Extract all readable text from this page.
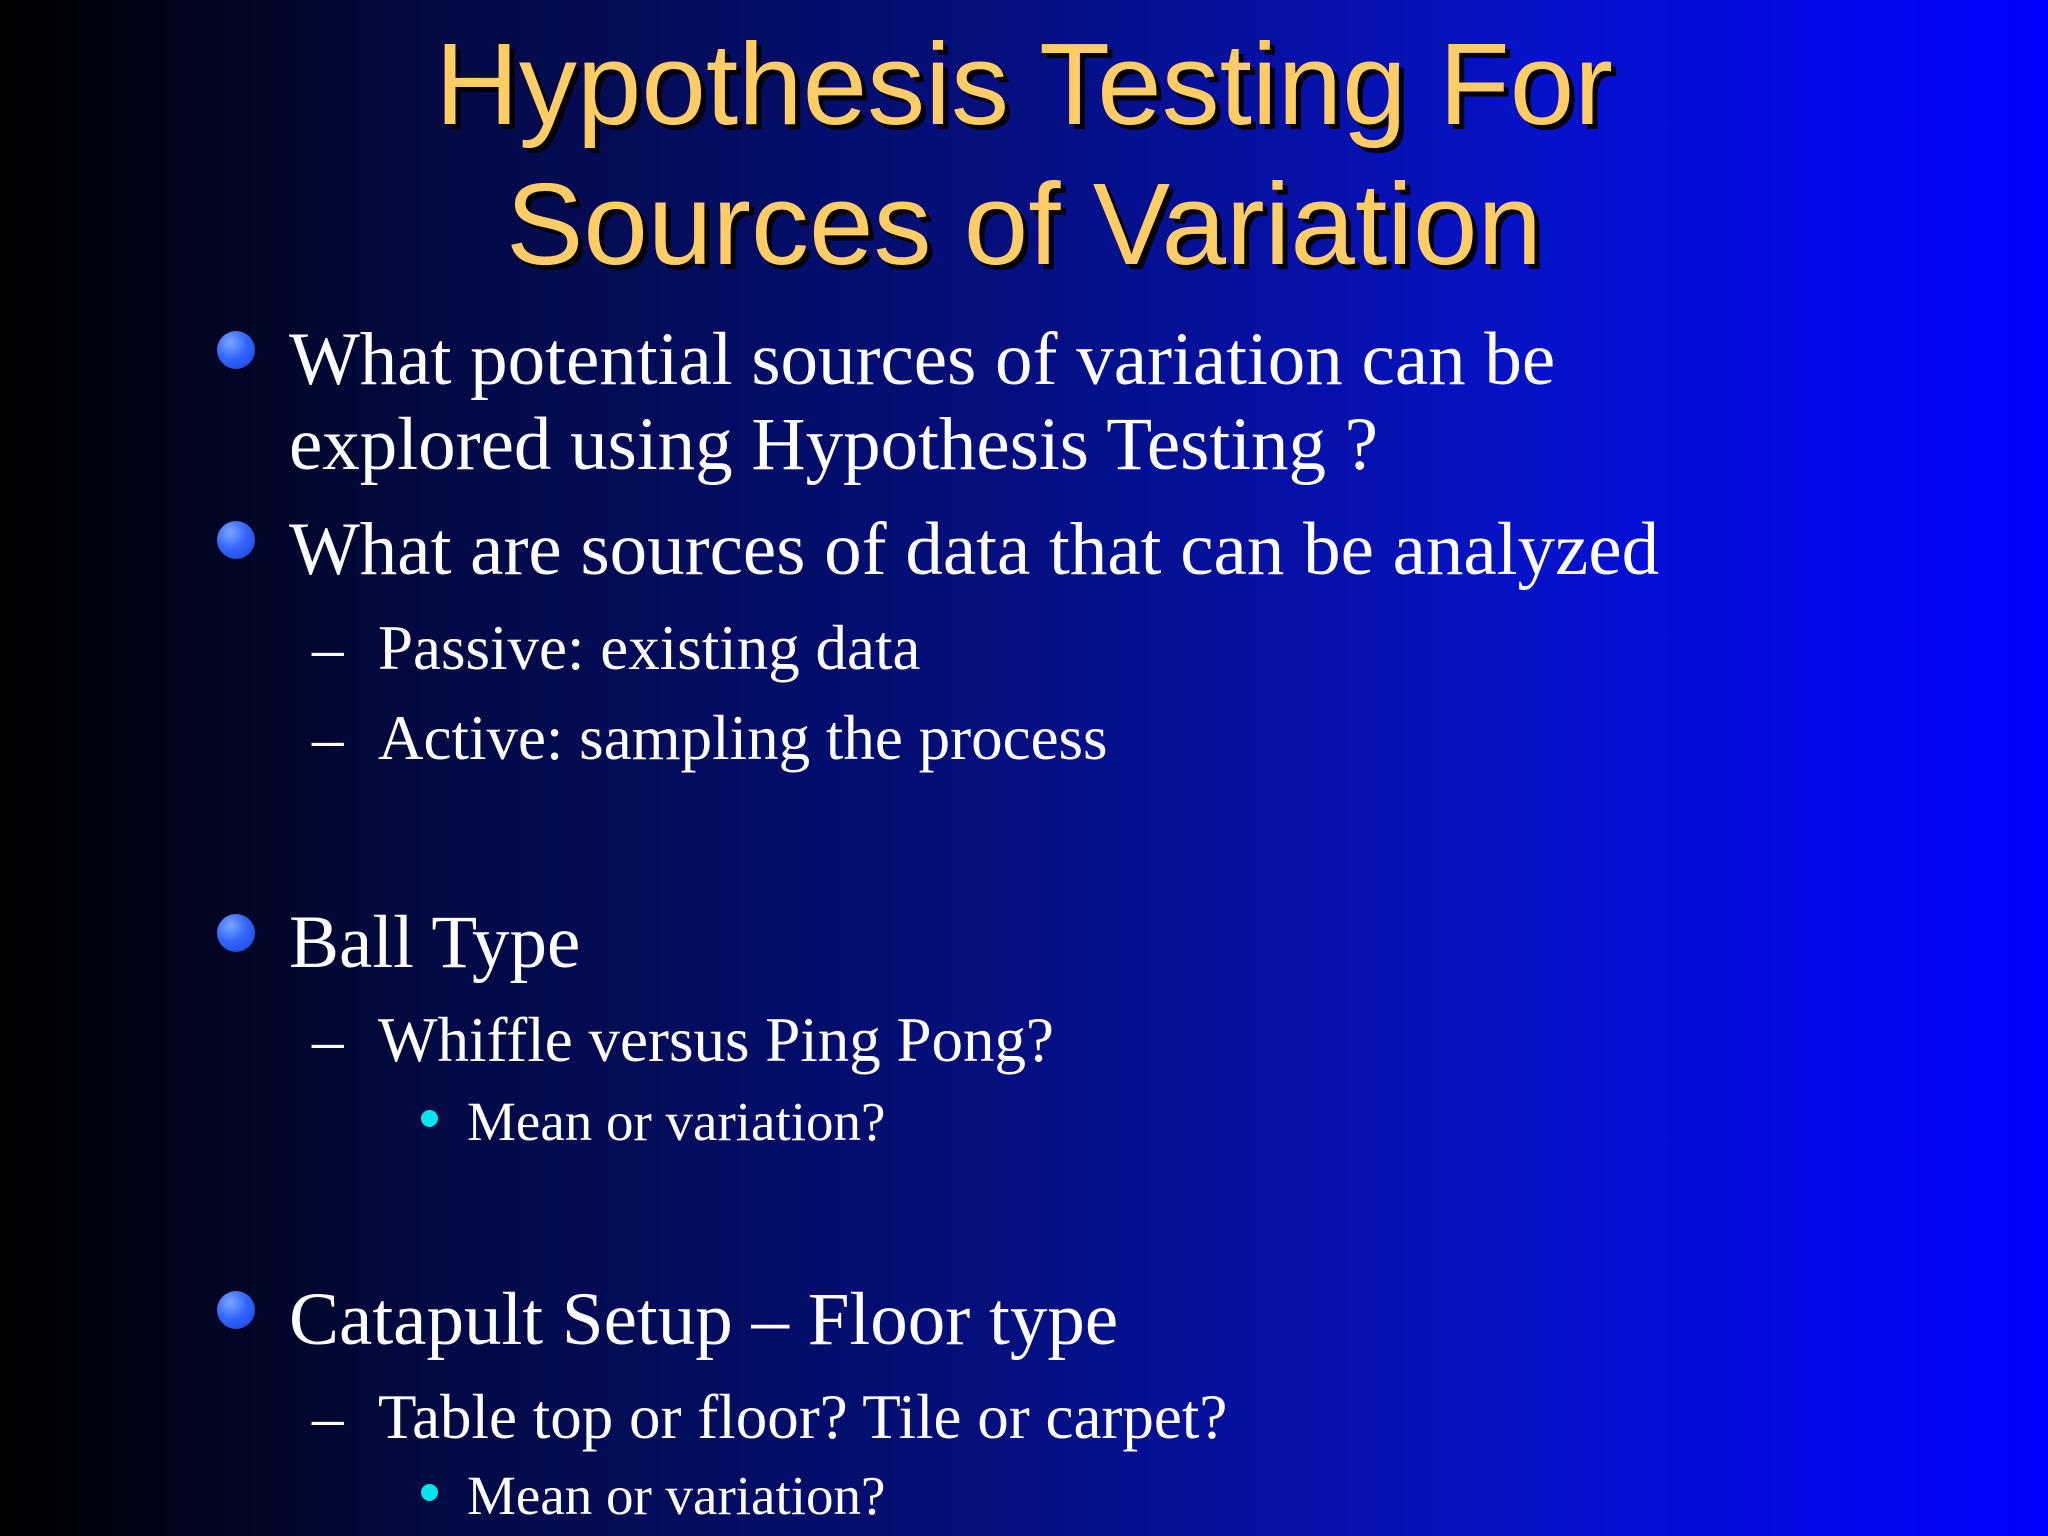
Hypothesis Testing For
Sources of Variation
What potential sources of variation can be
explored using Hypothesis Testing ?
What are sources of data that can be analyzed
– Passive: existing data
– Active: sampling the process
Ball Type
– Whiffle versus Ping Pong?
Mean or variation?
Catapult Setup – Floor type
– Table top or floor? Tile or carpet?
Mean or variation?
